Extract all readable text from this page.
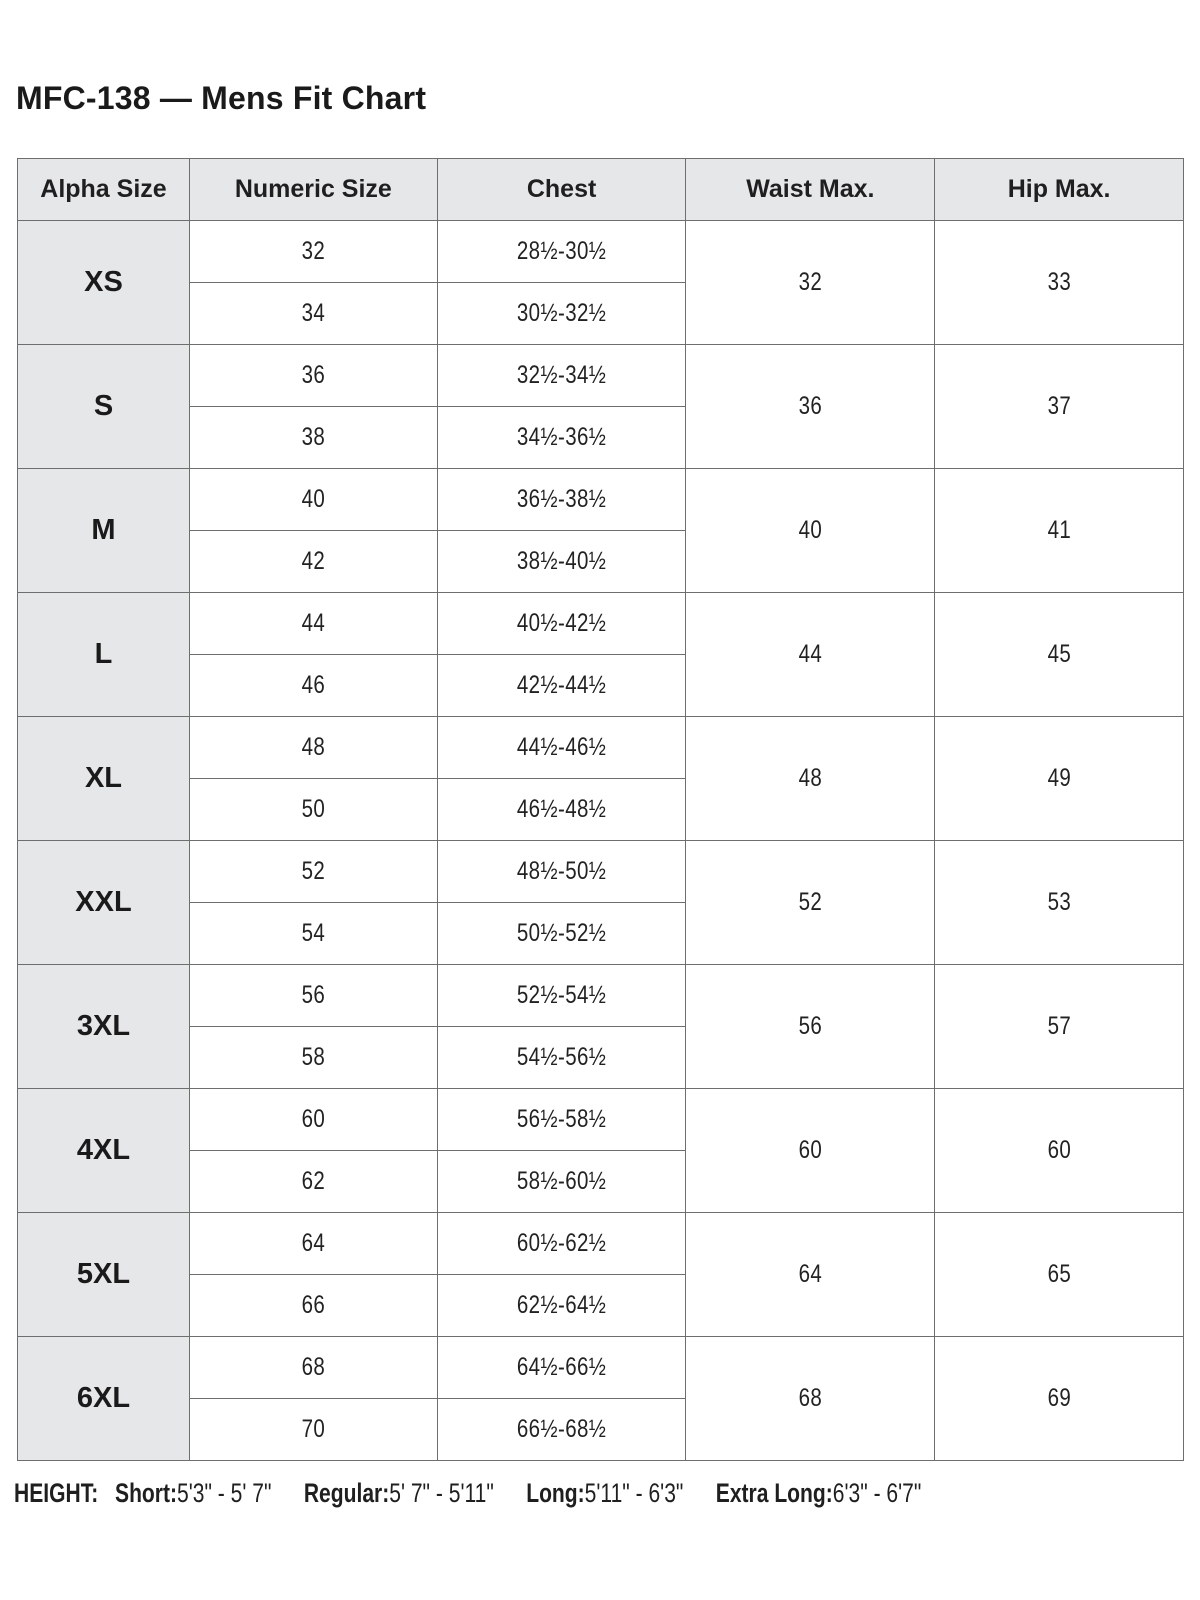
MFC-138 — Mens Fit Chart
Alpha Size	Numeric Size	Chest	Waist Max.	Hip Max.
XS	32	28½-30½	32	33
	34	30½-32½		
S	36	32½-34½	36	37
	38	34½-36½		
M	40	36½-38½	40	41
	42	38½-40½		
L	44	40½-42½	44	45
	46	42½-44½		
XL	48	44½-46½	48	49
	50	46½-48½		
XXL	52	48½-50½	52	53
	54	50½-52½		
3XL	56	52½-54½	56	57
	58	54½-56½		
4XL	60	56½-58½	60	60
	62	58½-60½		
5XL	64	60½-62½	64	65
	66	62½-64½		
6XL	68	64½-66½	68	69
	70	66½-68½		

HEIGHT: Short:5'3" - 5' 7" Regular:5' 7" - 5'11" Long:5'11" - 6'3" Extra Long:6'3" - 6'7"
